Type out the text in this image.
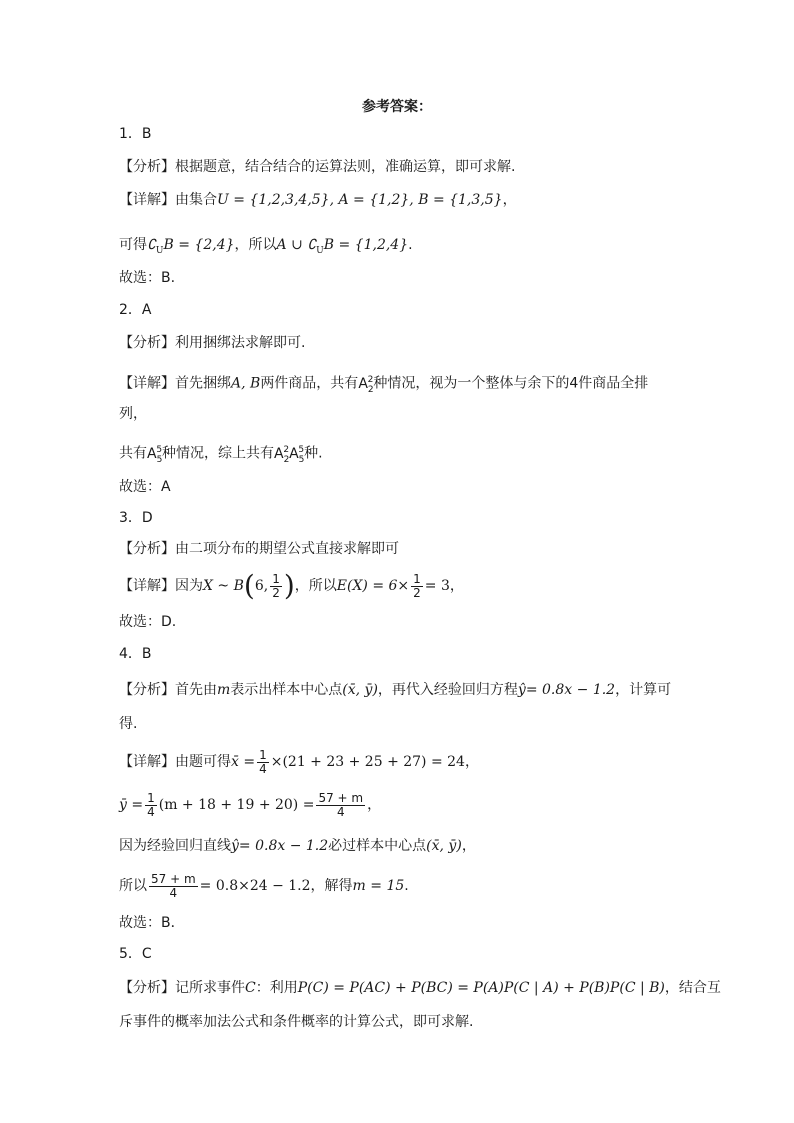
参考答案：
1．B
【分析】根据题意，结合结合的运算法则，准确运算，即可求解.
【详解】由集合U = {1,2,3,4,5}, A = {1,2}, B = {1,3,5}，
可得$∁_UB = \{2,4\}$，所以A ∪ $∁_UB = \{1,2,4\}$.
故选：B.
2．A
【分析】利用捆绑法求解即可.
【详解】首先捆绑A, B两件商品，共有$A_2^2$种情况，视为一个整体与余下的4件商品全排
列，
共有$A_5^5$种情况，综上共有$A_2^2A_5^5$种.
故选：A
3．D
【分析】由二项分布的期望公式直接求解即可
【详解】 因为 X ~ B ( 6, $\frac{1}{2}$ ) ，所以 $E(X) = 6\times \frac{1}{2} = 3$ ，
故选：D.
4．B
【分析】首先由m表示出样本中心点(x̄, ȳ)，再代入经验回归方程ŷ= 0.8x − 1.2，计算可
得.
【详解】 由题可得 x̄ = $\frac{1}{4} \times(21 + 23 + 25 + 27) = 24$ ，
ȳ = $\frac{1}{4} (m + 18 + 19 + 20) = \frac{57 + m}{4}$ ，
因为经验回归直线ŷ= 0.8x − 1.2必过样本中心点(x̄, ȳ)，
所以 $\frac{57 + m}{4} = 0.8\times 24 - 1.2$ ，解得 m = 15 .
故选：B．
5．C
【分析】记所求事件C：利用P(C) = P(AC) + P(BC) = P(A)P(C | A) + P(B)P(C | B)，结合互
斥事件的概率加法公式和条件概率的计算公式，即可求解.
